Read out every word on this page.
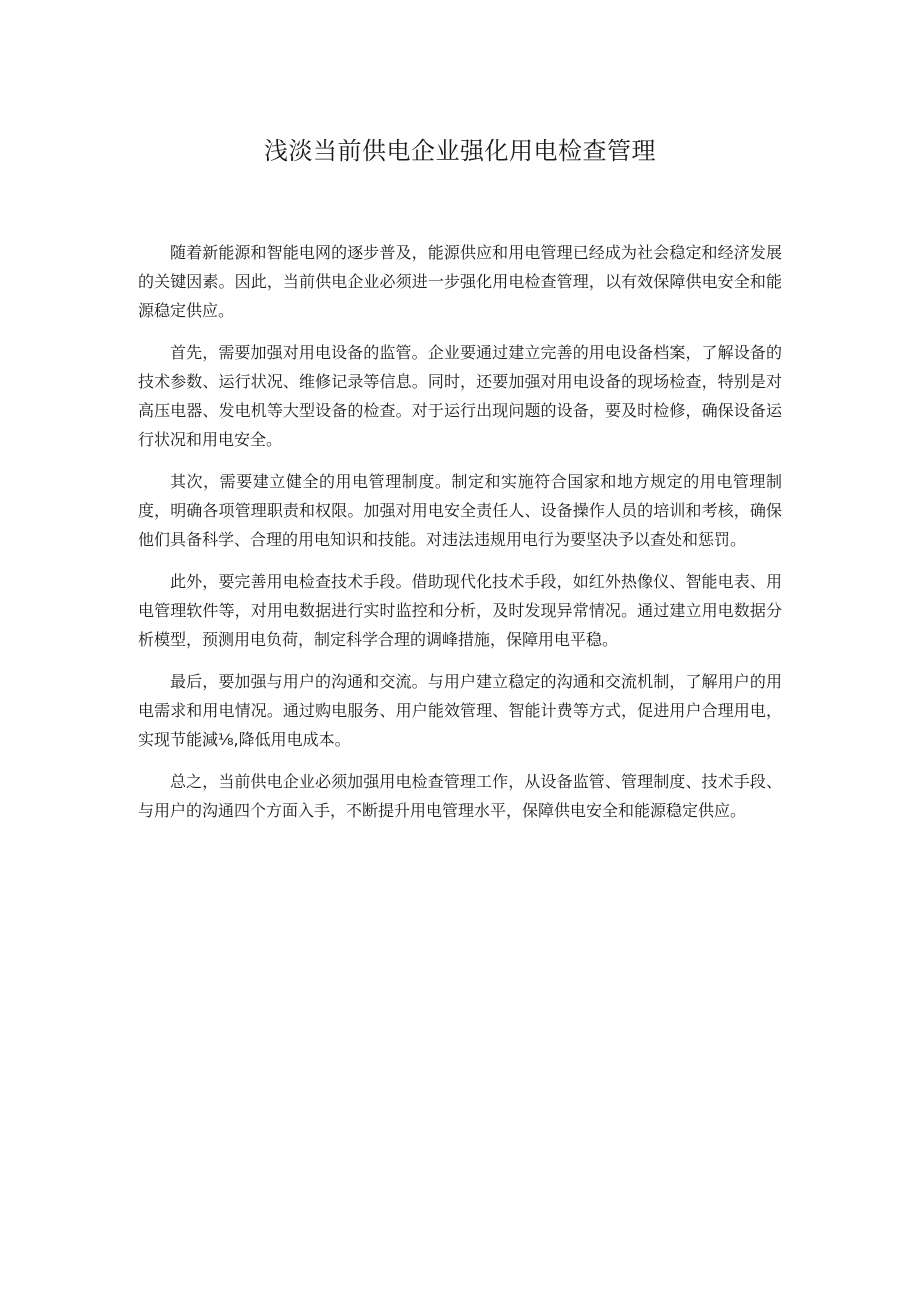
浅淡当前供电企业强化用电检查管理

随着新能源和智能电网的逐步普及，能源供应和用电管理已经成为社会稳定和经济发展的关键因素。因此，当前供电企业必须进一步强化用电检查管理，以有效保障供电安全和能源稳定供应。

首先，需要加强对用电设备的监管。企业要通过建立完善的用电设备档案，了解设备的技术参数、运行状况、维修记录等信息。同时，还要加强对用电设备的现场检查，特别是对高压电器、发电机等大型设备的检查。对于运行出现问题的设备，要及时检修，确保设备运行状况和用电安全。

其次，需要建立健全的用电管理制度。制定和实施符合国家和地方规定的用电管理制度，明确各项管理职责和权限。加强对用电安全责任人、设备操作人员的培训和考核，确保他们具备科学、合理的用电知识和技能。对违法违规用电行为要坚决予以查处和惩罚。

此外，要完善用电检查技术手段。借助现代化技术手段，如红外热像仪、智能电表、用电管理软件等，对用电数据进行实时监控和分析，及时发现异常情况。通过建立用电数据分析模型，预测用电负荷，制定科学合理的调峰措施，保障用电平稳。

最后，要加强与用户的沟通和交流。与用户建立稳定的沟通和交流机制，了解用户的用电需求和用电情况。通过购电服务、用户能效管理、智能计费等方式，促进用户合理用电，实现节能減⅛,降低用电成本。

总之，当前供电企业必须加强用电检查管理工作，从设备监管、管理制度、技术手段、与用户的沟通四个方面入手，不断提升用电管理水平，保障供电安全和能源稳定供应。
